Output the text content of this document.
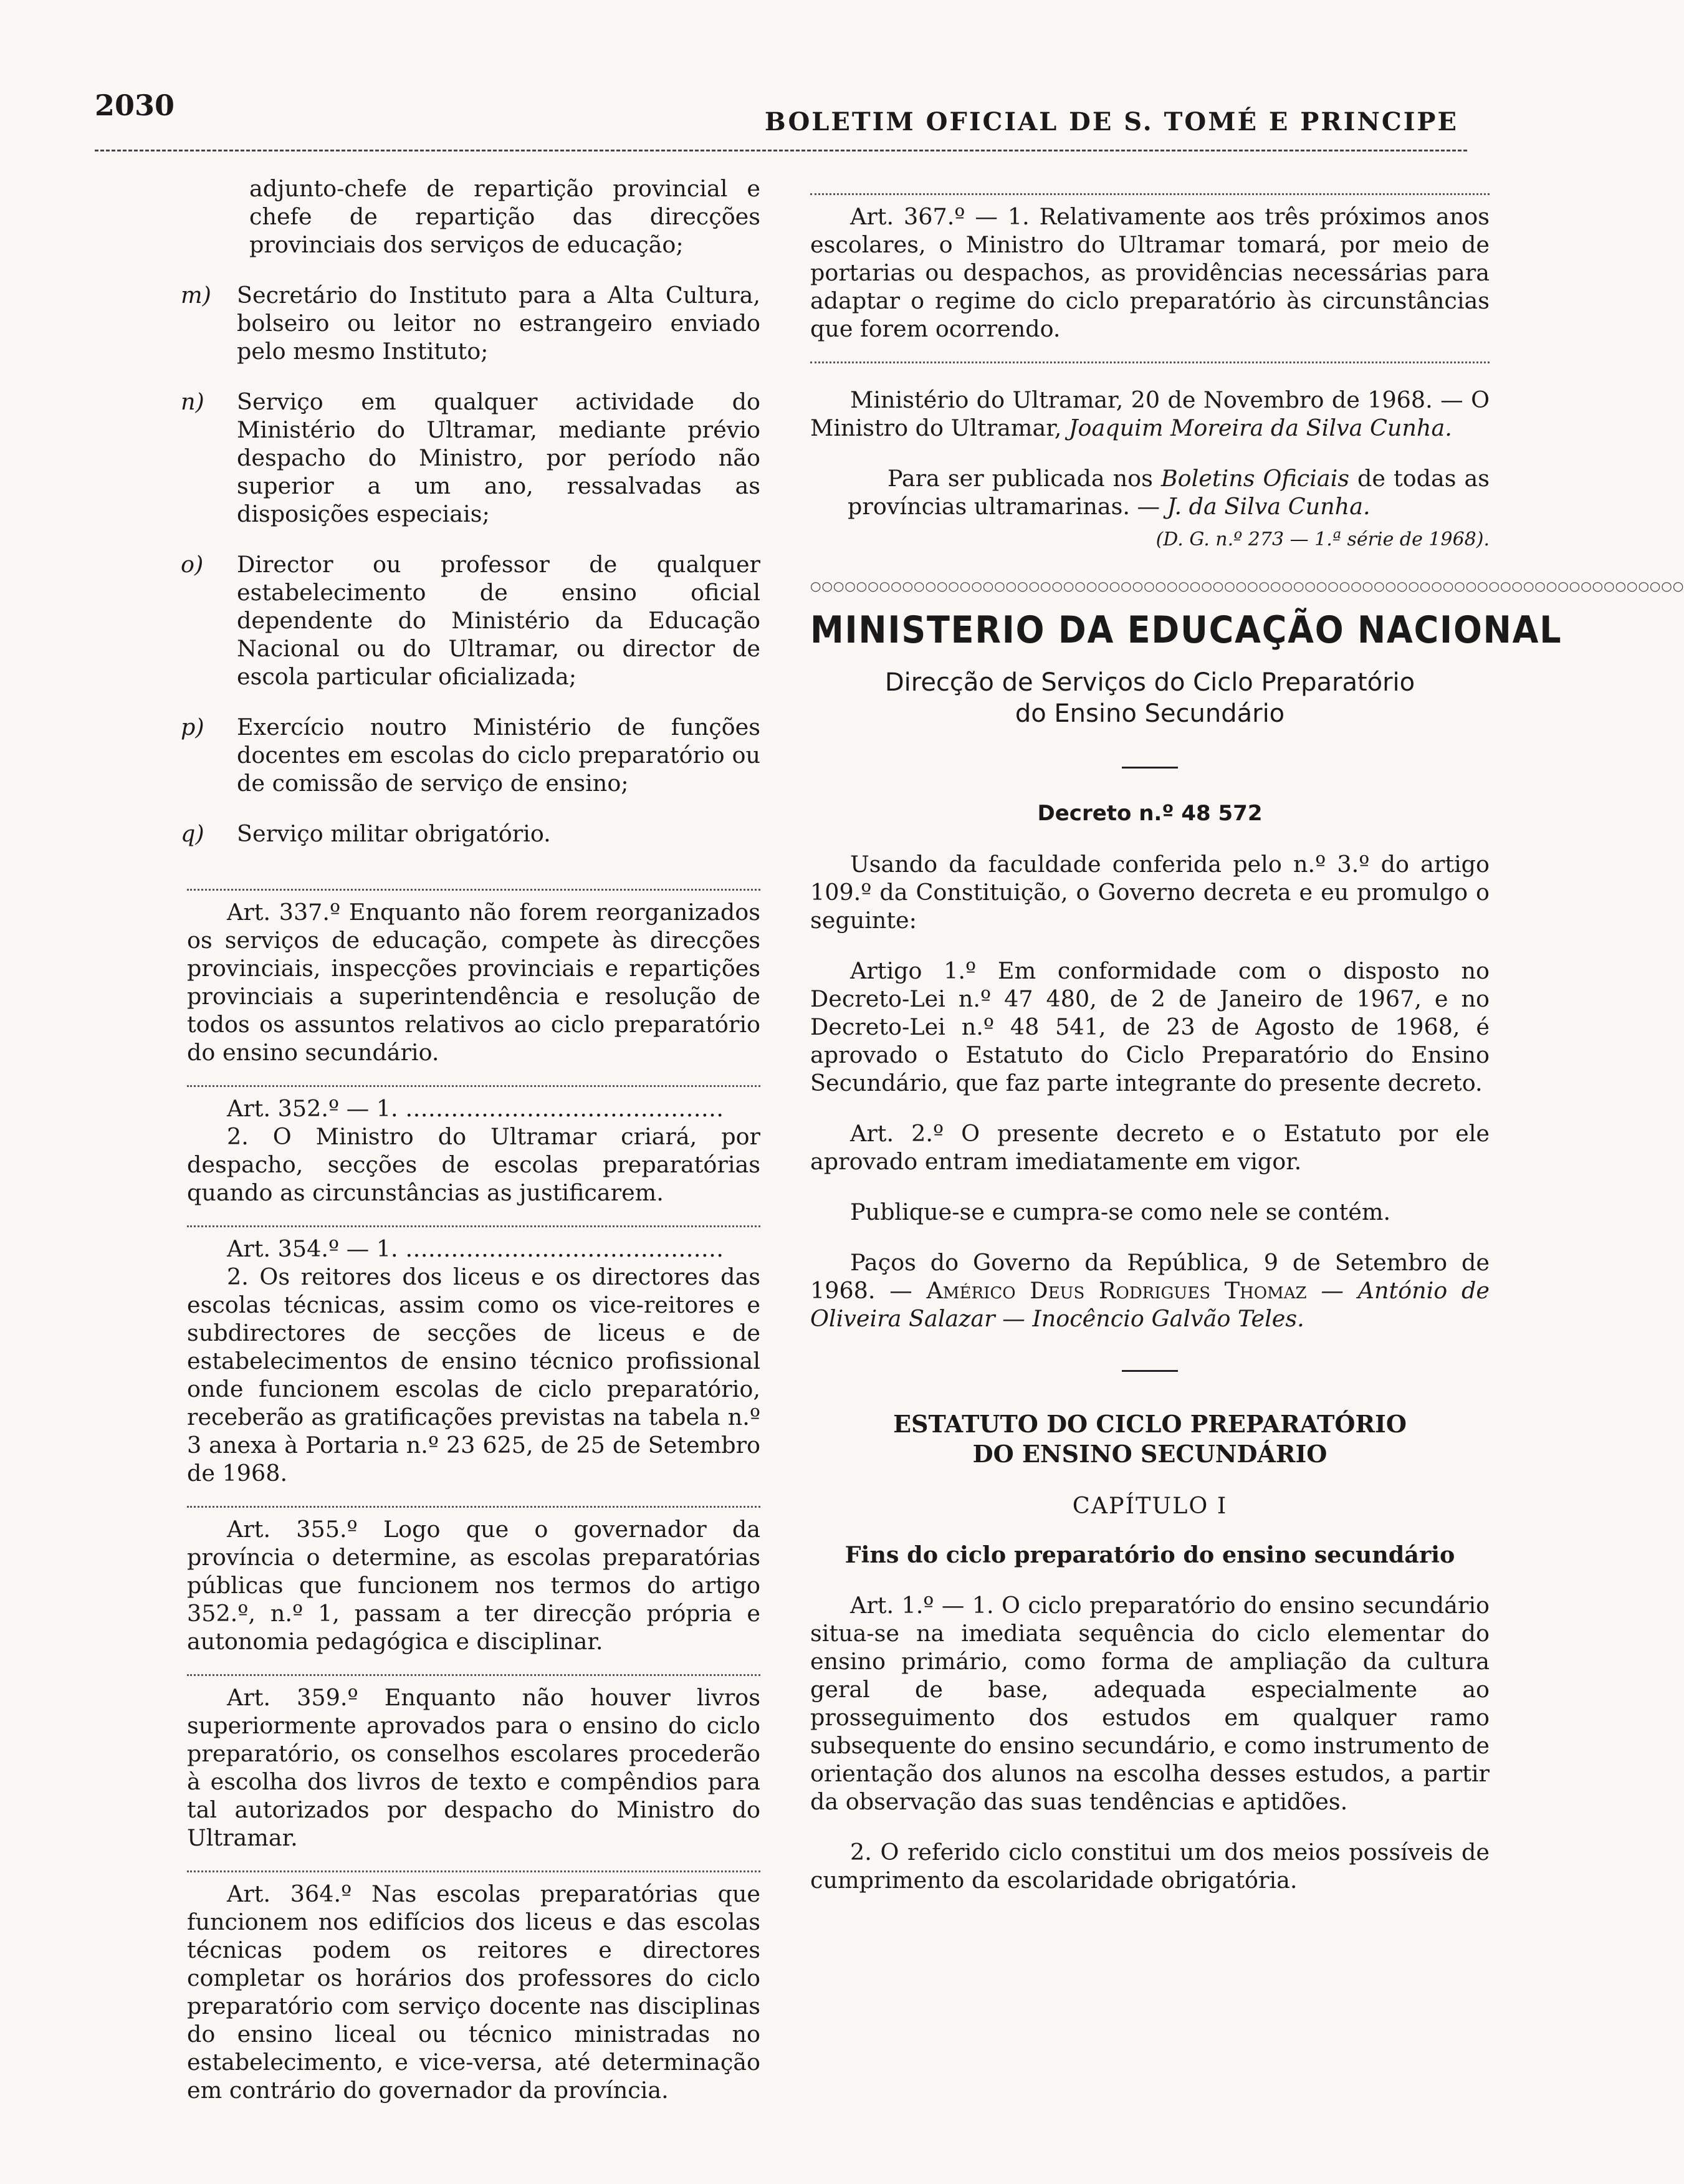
2030	BOLETIM OFICIAL DE S. TOMÉ E PRINCIPE

adjunto-chefe de repartição provincial e chefe de repartição das direcções provinciais dos serviços de educação;

m) Secretário do Instituto para a Alta Cultura, bolseiro ou leitor no estrangeiro enviado pelo mesmo Instituto;

n) Serviço em qualquer actividade do Ministério do Ultramar, mediante prévio despacho do Ministro, por período não superior a um ano, ressalvadas as disposições especiais;

o) Director ou professor de qualquer estabelecimento de ensino oficial dependente do Ministério da Educação Nacional ou do Ultramar, ou director de escola particular oficializada;

p) Exercício noutro Ministério de funções docentes em escolas do ciclo preparatório ou de comissão de serviço de ensino;

q) Serviço militar obrigatório.

Art. 337.º Enquanto não forem reorganizados os serviços de educação, compete às direcções provinciais, inspecções provinciais e repartições provinciais a superintendência e resolução de todos os assuntos relativos ao ciclo preparatório do ensino secundário.

Art. 352.º — 1. ……………………………………

2. O Ministro do Ultramar criará, por despacho, secções de escolas preparatórias quando as circunstâncias as justificarem.

Art. 354.º — 1. ……………………………………

2. Os reitores dos liceus e os directores das escolas técnicas, assim como os vice-reitores e subdirectores de secções de liceus e de estabelecimentos de ensino técnico profissional onde funcionem escolas de ciclo preparatório, receberão as gratificações previstas na tabela n.º 3 anexa à Portaria n.º 23 625, de 25 de Setembro de 1968.

Art. 355.º Logo que o governador da província o determine, as escolas preparatórias públicas que funcionem nos termos do artigo 352.º, n.º 1, passam a ter direcção própria e autonomia pedagógica e disciplinar.

Art. 359.º Enquanto não houver livros superiormente aprovados para o ensino do ciclo preparatório, os conselhos escolares procederão à escolha dos livros de texto e compêndios para tal autorizados por despacho do Ministro do Ultramar.

Art. 364.º Nas escolas preparatórias que funcionem nos edifícios dos liceus e das escolas técnicas podem os reitores e directores completar os horários dos professores do ciclo preparatório com serviço docente nas disciplinas do ensino liceal ou técnico ministradas no estabelecimento, e vice-versa, até determinação em contrário do governador da província.

Art. 367.º — 1. Relativamente aos três próximos anos escolares, o Ministro do Ultramar tomará, por meio de portarias ou despachos, as providências necessárias para adaptar o regime do ciclo preparatório às circunstâncias que forem ocorrendo.

Ministério do Ultramar, 20 de Novembro de 1968. — O Ministro do Ultramar, Joaquim Moreira da Silva Cunha.

Para ser publicada nos Boletins Oficiais de todas as províncias ultramarinas. — J. da Silva Cunha.

(D. G. n.º 273 — 1.ª série de 1968).

○○○○○○○○○○○○○○○○○○○○○○○○○○○○○○○○○○○○○○○○○○○○○○○○○○○○○○○○○○○○○○○○○○○○○○○○○○○○
MINISTERIO DA EDUCAÇÃO NACIONAL
Direcção de Serviços do Ciclo Preparatório
do Ensino Secundário
Decreto n.º 48 572

Usando da faculdade conferida pelo n.º 3.º do artigo 109.º da Constituição, o Governo decreta e eu promulgo o seguinte:

Artigo 1.º Em conformidade com o disposto no Decreto-Lei n.º 47 480, de 2 de Janeiro de 1967, e no Decreto-Lei n.º 48 541, de 23 de Agosto de 1968, é aprovado o Estatuto do Ciclo Preparatório do Ensino Secundário, que faz parte integrante do presente decreto.

Art. 2.º O presente decreto e o Estatuto por ele aprovado entram imediatamente em vigor.

Publique-se e cumpra-se como nele se contém.

Paços do Governo da República, 9 de Setembro de 1968. — Américo Deus Rodrigues Thomaz — António de Oliveira Salazar — Inocêncio Galvão Teles.

ESTATUTO DO CICLO PREPARATÓRIO
DO ENSINO SECUNDÁRIO
CAPÍTULO I
Fins do ciclo preparatório do ensino secundário

Art. 1.º — 1. O ciclo preparatório do ensino secundário situa-se na imediata sequência do ciclo elementar do ensino primário, como forma de ampliação da cultura geral de base, adequada especialmente ao prosseguimento dos estudos em qualquer ramo subsequente do ensino secundário, e como instrumento de orientação dos alunos na escolha desses estudos, a partir da observação das suas tendências e aptidões.

2. O referido ciclo constitui um dos meios possíveis de cumprimento da escolaridade obrigatória.
